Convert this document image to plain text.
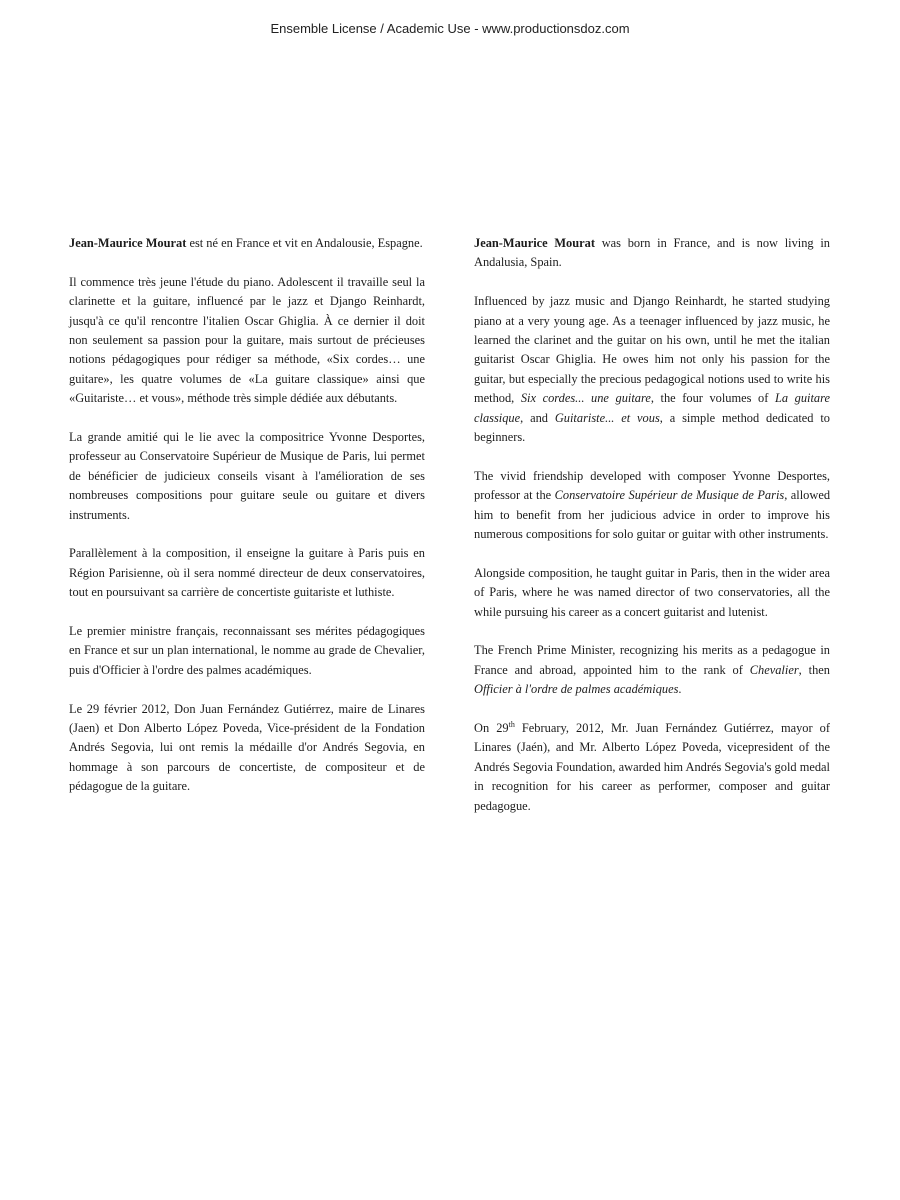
Ensemble License / Academic Use - www.productionsdoz.com

Jean-Maurice Mourat est né en France et vit en Andalousie, Espagne.

Il commence très jeune l'étude du piano. Adolescent il travaille seul la clarinette et la guitare, influencé par le jazz et Django Reinhardt, jusqu'à ce qu'il rencontre l'italien Oscar Ghiglia. À ce dernier il doit non seulement sa passion pour la guitare, mais surtout de précieuses notions pédagogiques pour rédiger sa méthode, «Six cordes… une guitare», les quatre volumes de «La guitare classique» ainsi que «Guitariste… et vous», méthode très simple dédiée aux débutants.

La grande amitié qui le lie avec la compositrice Yvonne Desportes, professeur au Conservatoire Supérieur de Musique de Paris, lui permet de bénéficier de judicieux conseils visant à l'amélioration de ses nombreuses compositions pour guitare seule ou guitare et divers instruments.

Parallèlement à la composition, il enseigne la guitare à Paris puis en Région Parisienne, où il sera nommé directeur de deux conservatoires, tout en poursuivant sa carrière de concertiste guitariste et luthiste.

Le premier ministre français, reconnaissant ses mérites pédagogiques en France et sur un plan international, le nomme au grade de Chevalier, puis d'Officier à l'ordre des palmes académiques.

Le 29 février 2012, Don Juan Fernández Gutiérrez, maire de Linares (Jaen) et Don Alberto López Poveda, Vice-président de la Fondation Andrés Segovia, lui ont remis la médaille d'or Andrés Segovia, en hommage à son parcours de concertiste, de compositeur et de pédagogue de la guitare.

Jean-Maurice Mourat was born in France, and is now living in Andalusia, Spain.

Influenced by jazz music and Django Reinhardt, he started studying piano at a very young age. As a teenager influenced by jazz music, he learned the clarinet and the guitar on his own, until he met the italian guitarist Oscar Ghiglia. He owes him not only his passion for the guitar, but especially the precious pedagogical notions used to write his method, Six cordes... une guitare, the four volumes of La guitare classique, and Guitariste... et vous, a simple method dedicated to beginners.

The vivid friendship developed with composer Yvonne Desportes, professor at the Conservatoire Supérieur de Musique de Paris, allowed him to benefit from her judicious advice in order to improve his numerous compositions for solo guitar or guitar with other instruments.

Alongside composition, he taught guitar in Paris, then in the wider area of Paris, where he was named director of two conservatories, all the while pursuing his career as a concert guitarist and lutenist.

The French Prime Minister, recognizing his merits as a pedagogue in France and abroad, appointed him to the rank of Chevalier, then Officier à l'ordre de palmes académiques.

On 29th February, 2012, Mr. Juan Fernández Gutiérrez, mayor of Linares (Jaén), and Mr. Alberto López Poveda, vicepresident of the Andrés Segovia Foundation, awarded him Andrés Segovia's gold medal in recognition for his career as performer, composer and guitar pedagogue.
